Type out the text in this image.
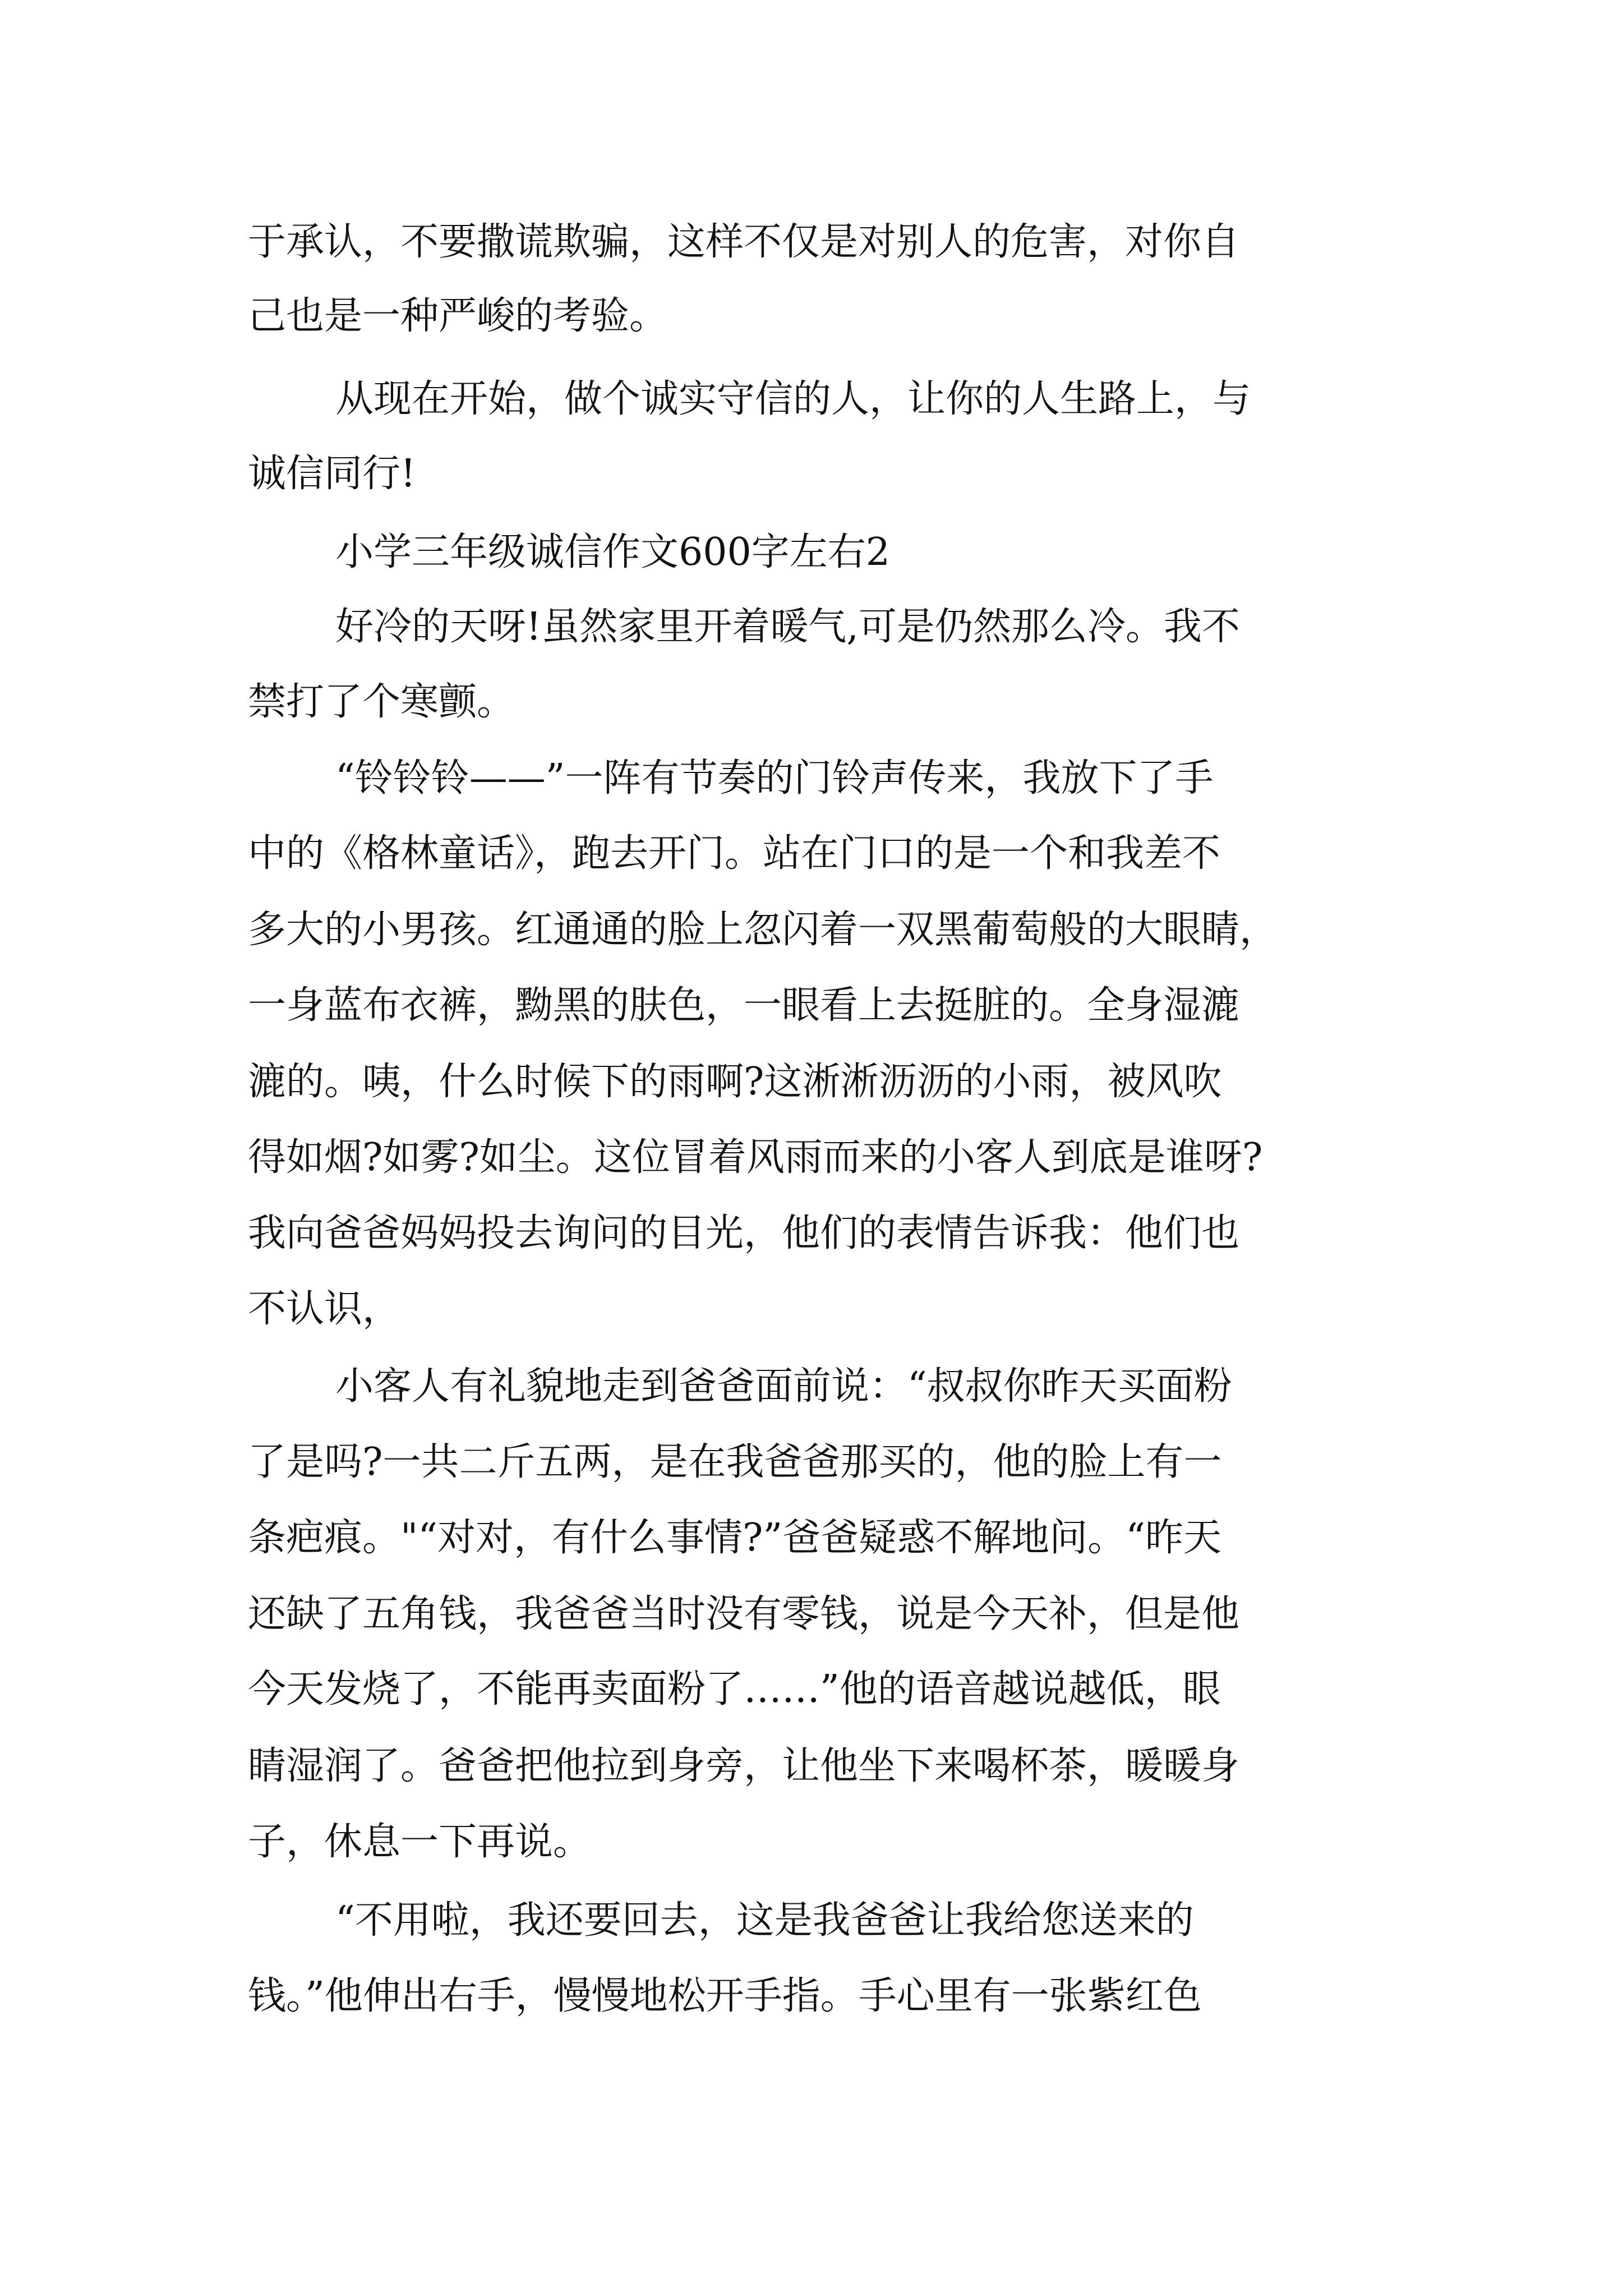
于承认，不要撒谎欺骗，这样不仅是对别人的危害，对你自
己也是一种严峻的考验。
从现在开始，做个诚实守信的人，让你的人生路上，与
诚信同行!
小学三年级诚信作文600字左右2
好冷的天呀!虽然家里开着暖气,可是仍然那么冷。我不
禁打了个寒颤。
“铃铃铃——”一阵有节奏的门铃声传来，我放下了手
中的《格林童话》，跑去开门。站在门口的是一个和我差不
多大的小男孩。红通通的脸上忽闪着一双黑葡萄般的大眼睛，
一身蓝布衣裤，黝黑的肤色，一眼看上去挺脏的。全身湿漉
漉的。咦，什么时候下的雨啊?这淅淅沥沥的小雨，被风吹
得如烟?如雾?如尘。这位冒着风雨而来的小客人到底是谁呀?
我向爸爸妈妈投去询问的目光，他们的表情告诉我：他们也
不认识，
小客人有礼貌地走到爸爸面前说：“叔叔你昨天买面粉
了是吗?一共二斤五两，是在我爸爸那买的，他的脸上有一
条疤痕。"“对对，有什么事情?”爸爸疑惑不解地问。“昨天
还缺了五角钱，我爸爸当时没有零钱，说是今天补，但是他
今天发烧了，不能再卖面粉了……”他的语音越说越低，眼
睛湿润了。爸爸把他拉到身旁，让他坐下来喝杯茶，暖暖身
子，休息一下再说。
“不用啦，我还要回去，这是我爸爸让我给您送来的
钱。”他伸出右手，慢慢地松开手指。手心里有一张紫红色
